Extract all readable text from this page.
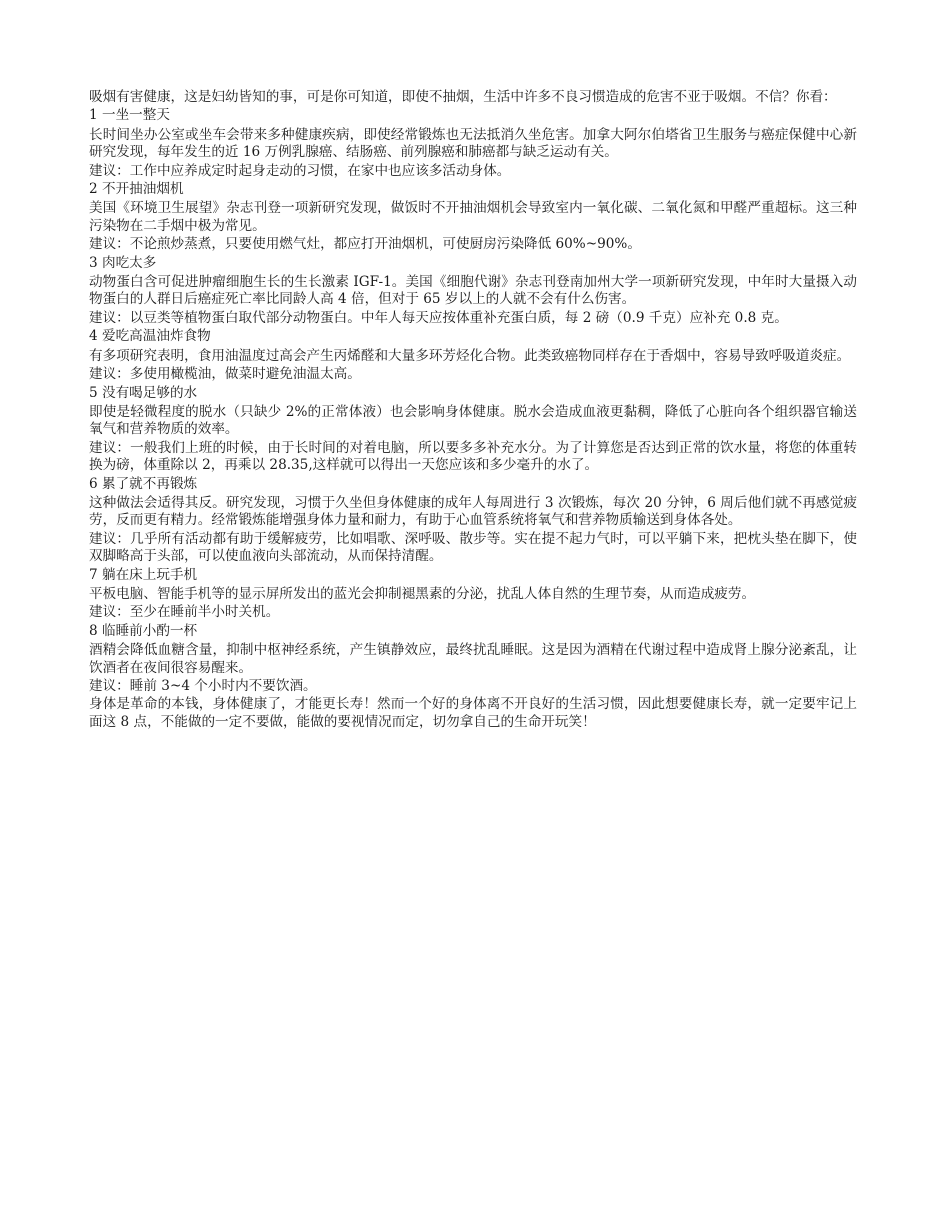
吸烟有害健康，这是妇幼皆知的事，可是你可知道，即使不抽烟，生活中许多不良习惯造成的危害不亚于吸烟。不信？你看：

1 一坐一整天

长时间坐办公室或坐车会带来多种健康疾病，即使经常锻炼也无法抵消久坐危害。加拿大阿尔伯塔省卫生服务与癌症保健中心新研究发现，每年发生的近 16 万例乳腺癌、结肠癌、前列腺癌和肺癌都与缺乏运动有关。

建议：工作中应养成定时起身走动的习惯，在家中也应该多活动身体。

2 不开抽油烟机

美国《环境卫生展望》杂志刊登一项新研究发现，做饭时不开抽油烟机会导致室内一氧化碳、二氧化氮和甲醛严重超标。这三种污染物在二手烟中极为常见。

建议：不论煎炒蒸煮，只要使用燃气灶，都应打开油烟机，可使厨房污染降低 60%~90%。

3 肉吃太多

动物蛋白含可促进肿瘤细胞生长的生长激素 IGF-1。美国《细胞代谢》杂志刊登南加州大学一项新研究发现，中年时大量摄入动物蛋白的人群日后癌症死亡率比同龄人高 4 倍，但对于 65 岁以上的人就不会有什么伤害。

建议：以豆类等植物蛋白取代部分动物蛋白。中年人每天应按体重补充蛋白质，每 2 磅（0.9 千克）应补充 0.8 克。

4 爱吃高温油炸食物

有多项研究表明，食用油温度过高会产生丙烯醛和大量多环芳烃化合物。此类致癌物同样存在于香烟中，容易导致呼吸道炎症。

建议：多使用橄榄油，做菜时避免油温太高。

5 没有喝足够的水

即使是轻微程度的脱水（只缺少 2%的正常体液）也会影响身体健康。脱水会造成血液更黏稠，降低了心脏向各个组织器官输送氧气和营养物质的效率。

建议：一般我们上班的时候，由于长时间的对着电脑，所以要多多补充水分。为了计算您是否达到正常的饮水量，将您的体重转换为磅，体重除以 2，再乘以 28.35,这样就可以得出一天您应该和多少毫升的水了。

6 累了就不再锻炼

这种做法会适得其反。研究发现，习惯于久坐但身体健康的成年人每周进行 3 次锻炼，每次 20 分钟，6 周后他们就不再感觉疲劳，反而更有精力。经常锻炼能增强身体力量和耐力，有助于心血管系统将氧气和营养物质输送到身体各处。

建议：几乎所有活动都有助于缓解疲劳，比如唱歌、深呼吸、散步等。实在提不起力气时，可以平躺下来，把枕头垫在脚下，使双脚略高于头部，可以使血液向头部流动，从而保持清醒。

7 躺在床上玩手机

平板电脑、智能手机等的显示屏所发出的蓝光会抑制褪黑素的分泌，扰乱人体自然的生理节奏，从而造成疲劳。

建议：至少在睡前半小时关机。

8 临睡前小酌一杯

酒精会降低血糖含量，抑制中枢神经系统，产生镇静效应，最终扰乱睡眠。这是因为酒精在代谢过程中造成肾上腺分泌紊乱，让饮酒者在夜间很容易醒来。

建议：睡前 3~4 个小时内不要饮酒。

身体是革命的本钱，身体健康了，才能更长寿！然而一个好的身体离不开良好的生活习惯，因此想要健康长寿，就一定要牢记上面这 8 点，不能做的一定不要做，能做的要视情况而定，切勿拿自己的生命开玩笑！
